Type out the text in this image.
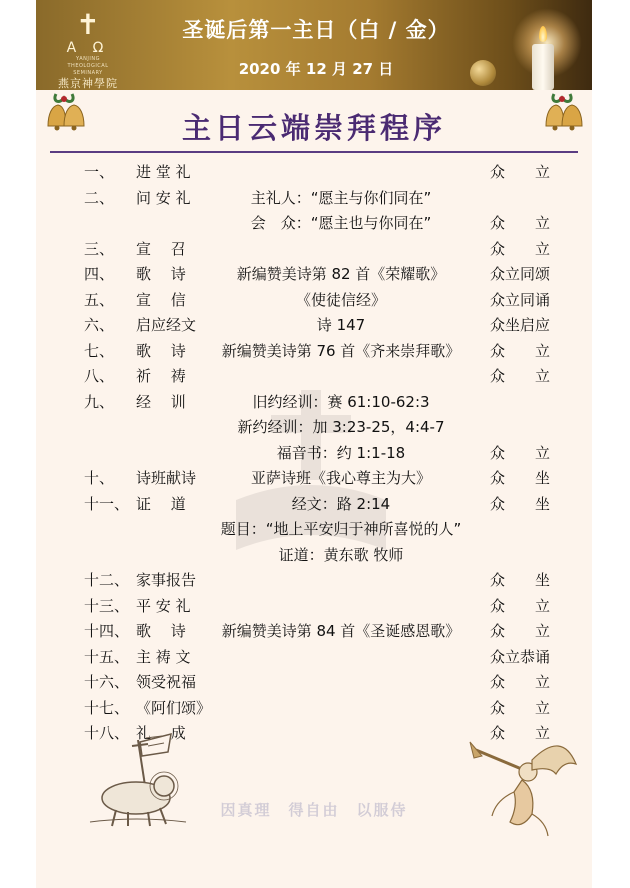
✝
A Ω
YANJING THEOLOGICAL SEMINARY
燕京神學院
圣诞后第一主日（白 / 金）
2020 年 12 月 27 日
主日云端崇拜程序
一、 进 堂 礼	众　　立
二、 问 安 礼	主礼人：“愿主与你们同在”
会　众：“愿主也与你同在”	众　　立
三、 宣　 召	众　　立
四、 歌　 诗	新编赞美诗第 82 首《荣耀歌》	众立同颂
五、 宣　 信	《使徒信经》	众立同诵
六、 启应经文	诗 147	众坐启应
七、 歌　 诗	新编赞美诗第 76 首《齐来崇拜歌》	众　　立
八、 祈　 祷	众　　立
九、 经　 训	旧约经训：赛 61:10-62:3
新约经训：加 3:23-25，4:4-7
福音书：约 1:1-18	众　　立
十、 诗班献诗	亚萨诗班《我心尊主为大》	众　　坐
十一、 证　 道	经文：路 2:14	众　　坐
题目：“地上平安归于神所喜悦的人”
证道：黄东歌 牧师
十二、 家事报告	众　　坐
十三、 平 安 礼	众　　立
十四、 歌　 诗	新编赞美诗第 84 首《圣诞感恩歌》	众　　立
十五、 主 祷 文	众立恭诵
十六、 领受祝福	众　　立
十七、 《阿们颂》	众　　立
十八、 礼　 成	众　　立
因真理　得自由　以服侍
